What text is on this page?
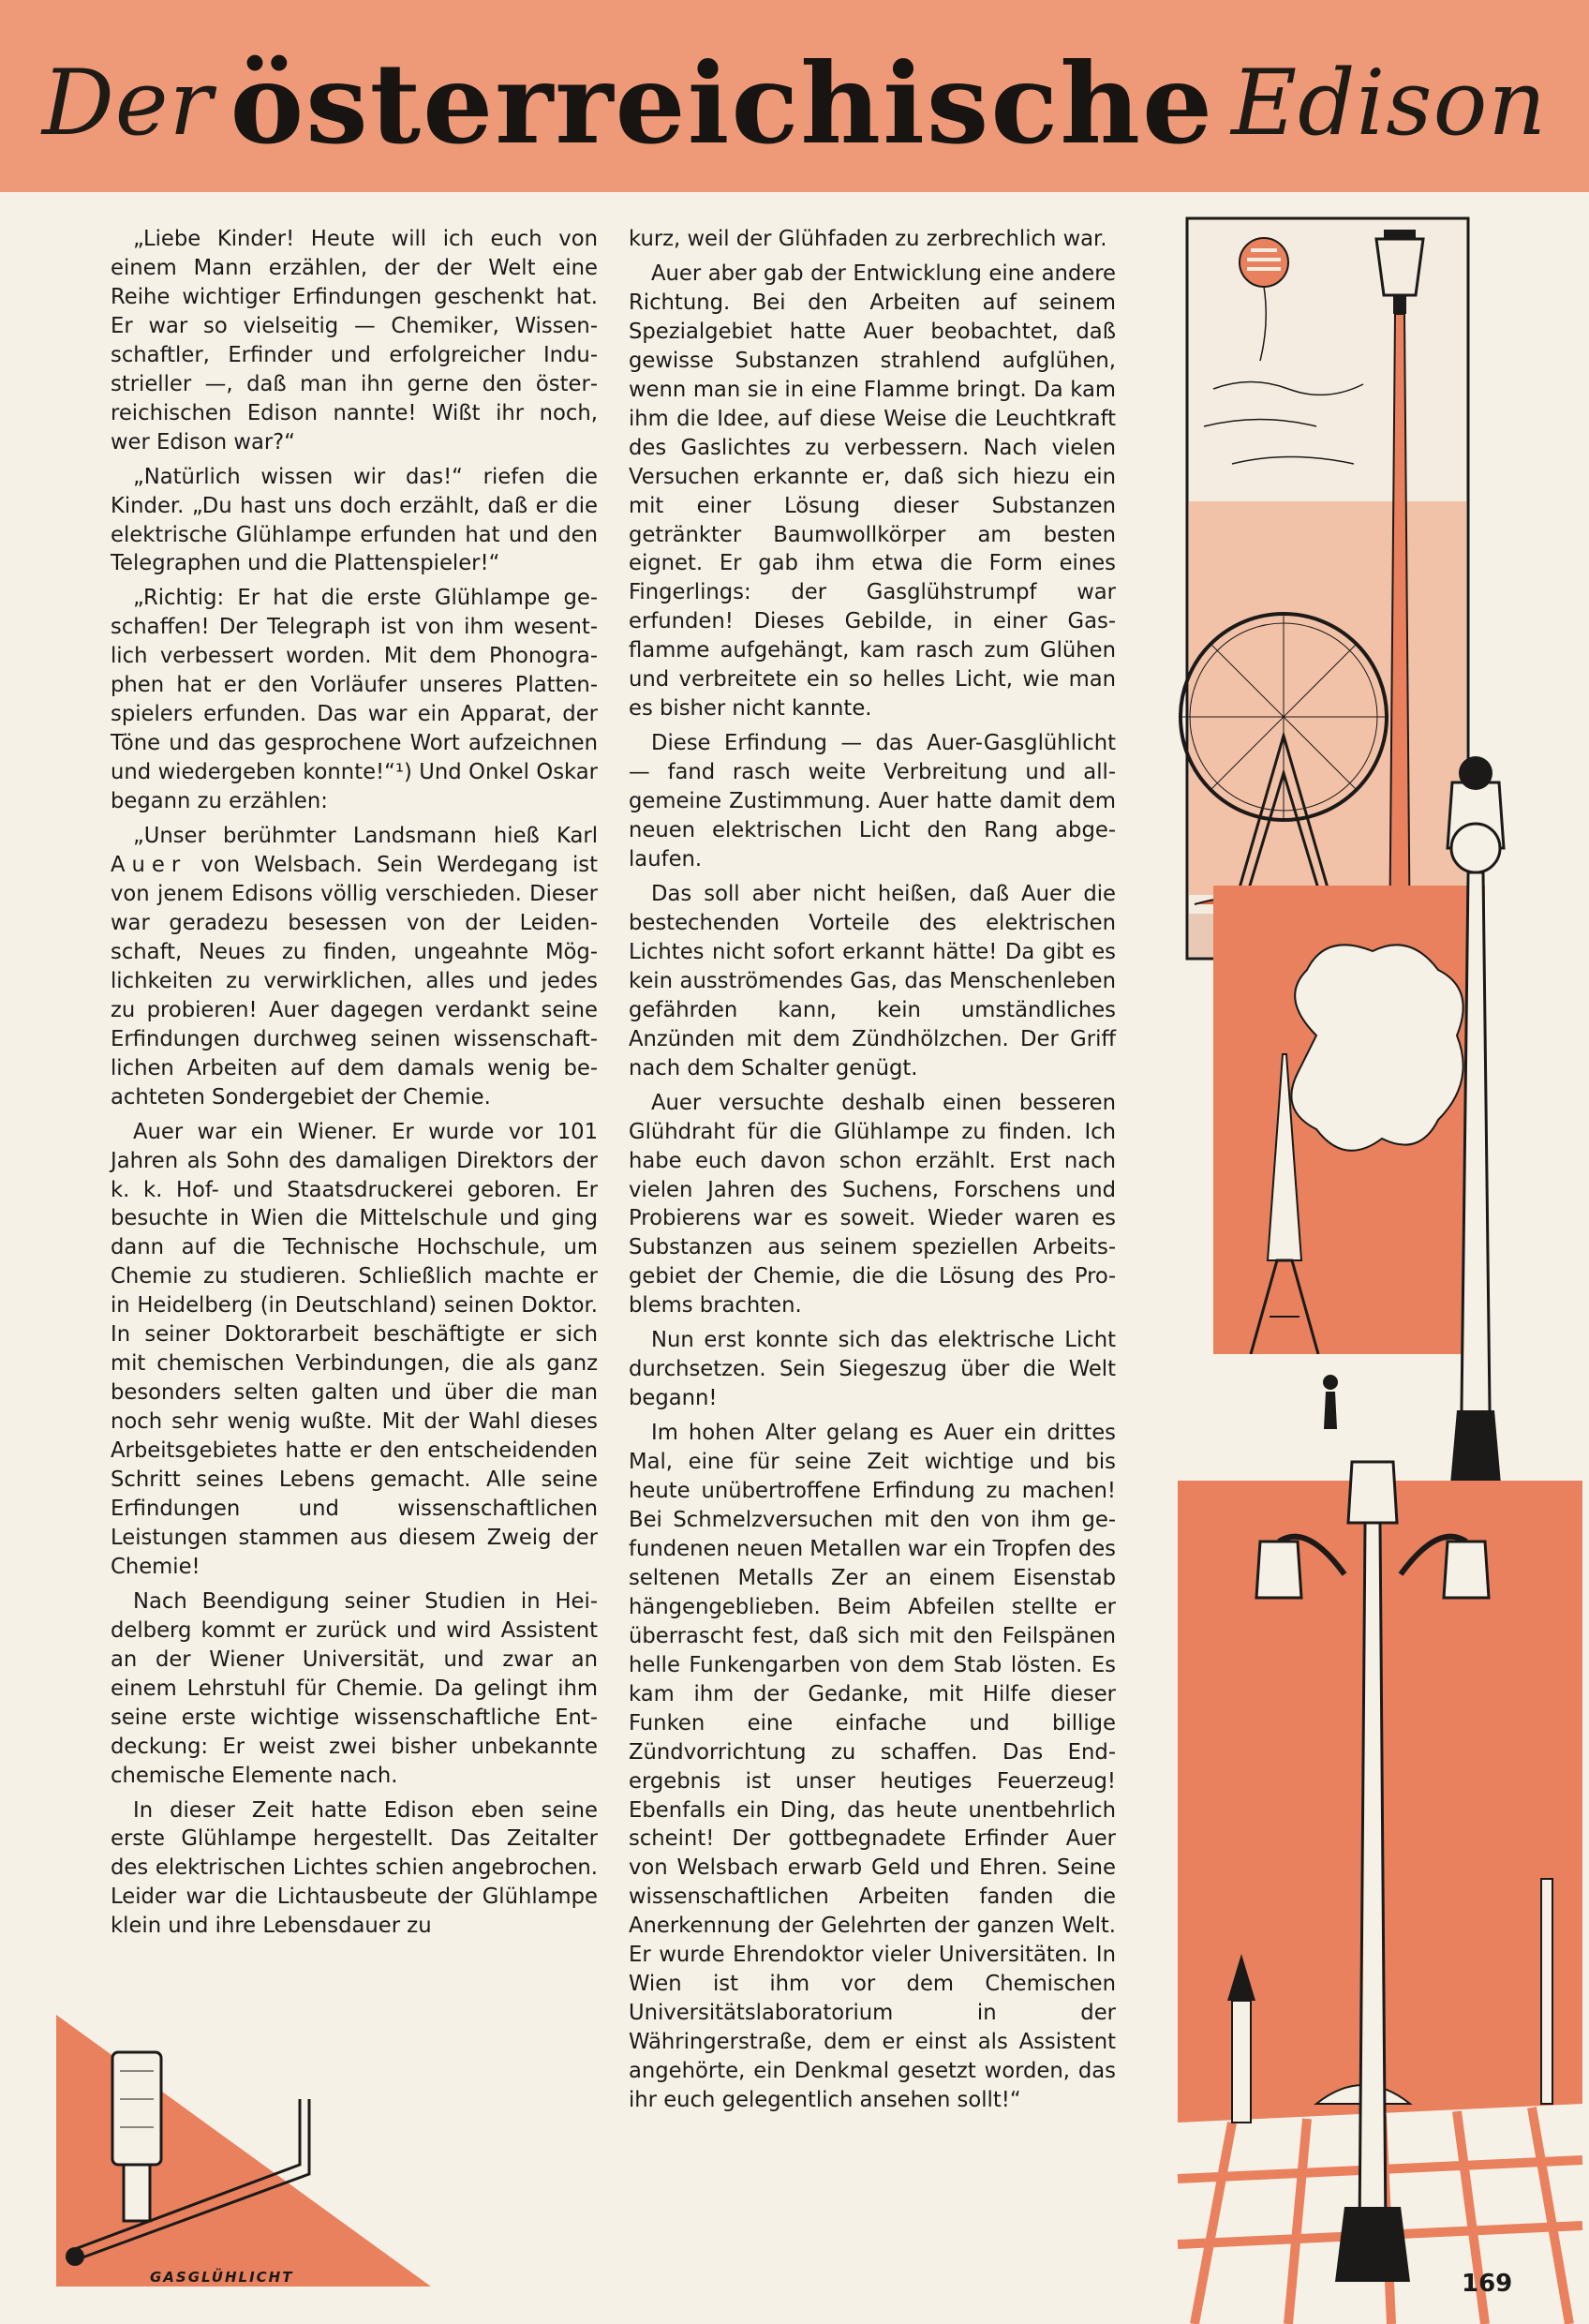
Der österreichische Edison

„Liebe Kinder! Heute will ich euch von einem Mann erzählen, der der Welt eine Reihe wichtiger Erfindungen geschenkt hat. Er war so vielseitig — Chemiker, Wissenschaftler, Erfinder und erfolgreicher Industrieller —, daß man ihn gerne den österreichischen Edison nannte! Wißt ihr noch, wer Edison war?“

„Natürlich wissen wir das!“ riefen die Kinder. „Du hast uns doch erzählt, daß er die elektrische Glühlampe erfunden hat und den Telegraphen und die Plattenspieler!“

„Richtig: Er hat die erste Glühlampe geschaffen! Der Telegraph ist von ihm wesentlich verbessert worden. Mit dem Phonographen hat er den Vorläufer unseres Plattenspielers erfunden. Das war ein Apparat, der Töne und das gesprochene Wort aufzeichnen und wiedergeben konnte!“¹) Und Onkel Oskar begann zu erzählen:

„Unser berühmter Landsmann hieß Karl Auer von Welsbach. Sein Werdegang ist von jenem Edisons völlig verschieden. Dieser war geradezu besessen von der Leidenschaft, Neues zu finden, ungeahnte Möglichkeiten zu verwirklichen, alles und jedes zu probieren! Auer dagegen verdankt seine Erfindungen durchweg seinen wissenschaftlichen Arbeiten auf dem damals wenig beachteten Sondergebiet der Chemie.

Auer war ein Wiener. Er wurde vor 101 Jahren als Sohn des damaligen Direktors der k. k. Hof- und Staatsdruckerei geboren. Er besuchte in Wien die Mittelschule und ging dann auf die Technische Hochschule, um Chemie zu studieren. Schließlich machte er in Heidelberg (in Deutschland) seinen Doktor. In seiner Doktorarbeit beschäftigte er sich mit chemischen Verbindungen, die als ganz besonders selten galten und über die man noch sehr wenig wußte. Mit der Wahl dieses Arbeitsgebietes hatte er den entscheidenden Schritt seines Lebens gemacht. Alle seine Erfindungen und wissenschaftlichen Leistungen stammen aus diesem Zweig der Chemie!

Nach Beendigung seiner Studien in Heidelberg kommt er zurück und wird Assistent an der Wiener Universität, und zwar an einem Lehrstuhl für Chemie. Da gelingt ihm seine erste wichtige wissenschaftliche Entdeckung: Er weist zwei bisher unbekannte chemische Elemente nach.

In dieser Zeit hatte Edison eben seine erste Glühlampe hergestellt. Das Zeitalter des elektrischen Lichtes schien angebrochen. Leider war die Lichtausbeute der Glühlampe klein und ihre Lebensdauer zu

kurz, weil der Glühfaden zu zerbrechlich war.

Auer aber gab der Entwicklung eine andere Richtung. Bei den Arbeiten auf seinem Spezialgebiet hatte Auer beobachtet, daß gewisse Substanzen strahlend aufglühen, wenn man sie in eine Flamme bringt. Da kam ihm die Idee, auf diese Weise die Leuchtkraft des Gaslichtes zu verbessern. Nach vielen Versuchen erkannte er, daß sich hiezu ein mit einer Lösung dieser Substanzen getränkter Baumwollkörper am besten eignet. Er gab ihm etwa die Form eines Fingerlings: der Gasglühstrumpf war erfunden! Dieses Gebilde, in einer Gasflamme aufgehängt, kam rasch zum Glühen und verbreitete ein so helles Licht, wie man es bisher nicht kannte.

Diese Erfindung — das Auer-Gasglühlicht — fand rasch weite Verbreitung und allgemeine Zustimmung. Auer hatte damit dem neuen elektrischen Licht den Rang abgelaufen.

Das soll aber nicht heißen, daß Auer die bestechenden Vorteile des elektrischen Lichtes nicht sofort erkannt hätte! Da gibt es kein ausströmendes Gas, das Menschenleben gefährden kann, kein umständliches Anzünden mit dem Zündhölzchen. Der Griff nach dem Schalter genügt.

Auer versuchte deshalb einen besseren Glühdraht für die Glühlampe zu finden. Ich habe euch davon schon erzählt. Erst nach vielen Jahren des Suchens, Forschens und Probierens war es soweit. Wieder waren es Substanzen aus seinem speziellen Arbeitsgebiet der Chemie, die die Lösung des Problems brachten.

Nun erst konnte sich das elektrische Licht durchsetzen. Sein Siegeszug über die Welt begann!

Im hohen Alter gelang es Auer ein drittes Mal, eine für seine Zeit wichtige und bis heute unübertroffene Erfindung zu machen! Bei Schmelzversuchen mit den von ihm gefundenen neuen Metallen war ein Tropfen des seltenen Metalls Zer an einem Eisenstab hängengeblieben. Beim Abfeilen stellte er überrascht fest, daß sich mit den Feilspänen helle Funkengarben von dem Stab lösten. Es kam ihm der Gedanke, mit Hilfe dieser Funken eine einfache und billige Zündvorrichtung zu schaffen. Das Endergebnis ist unser heutiges Feuerzeug! Ebenfalls ein Ding, das heute unentbehrlich scheint! Der gottbegnadete Erfinder Auer von Welsbach erwarb Geld und Ehren. Seine wissenschaftlichen Arbeiten fanden die Anerkennung der Gelehrten der ganzen Welt. Er wurde Ehrendoktor vieler Universitäten. In Wien ist ihm vor dem Chemischen Universitätslaboratorium in der Währingerstraße, dem er einst als Assistent angehörte, ein Denkmal gesetzt worden, das ihr euch gelegentlich ansehen sollt!“

169
GASGLÜHLICHT
